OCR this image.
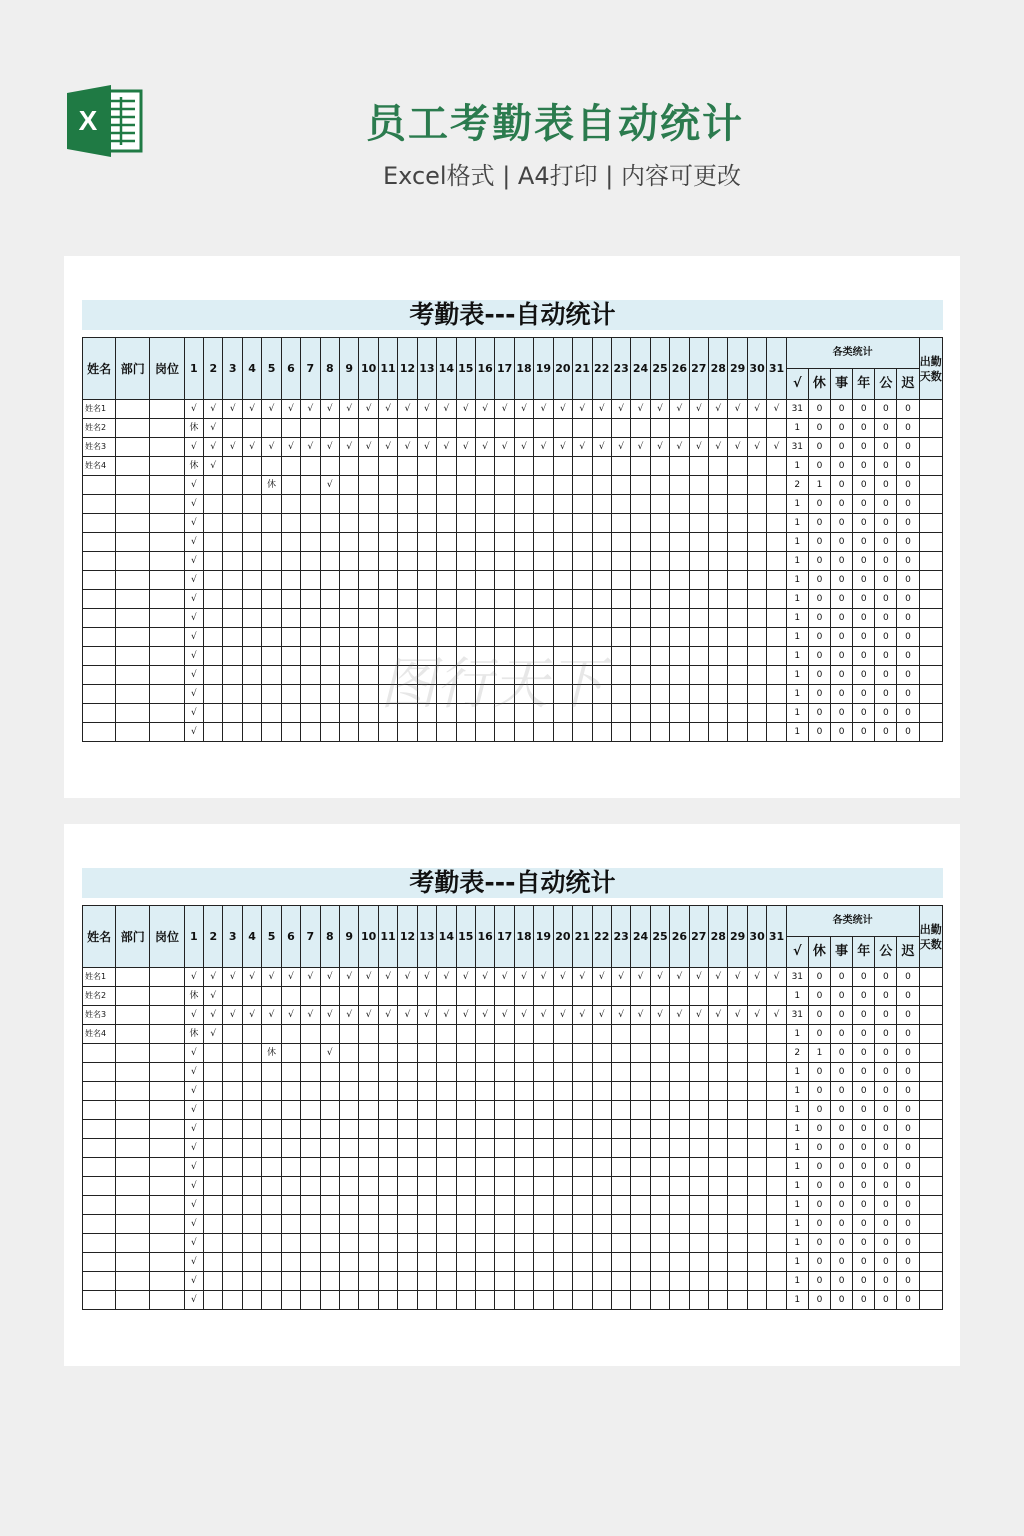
X	员工考勤表自动统计
Excel格式 | A4打印 | 内容可更改
考勤表---自动统计
姓名	部门	岗位	1	2	3	4	5	6	7	8	9	10	11	12	13	14	15	16	17	18	19	20	21	22	23	24	25	26	27	28	29	30	31	各类统计						出勤天数
																																		√	休	事	年	公	迟	
姓名1			√	√	√	√	√	√	√	√	√	√	√	√	√	√	√	√	√	√	√	√	√	√	√	√	√	√	√	√	√	√	√	31	0	0	0	0	0	
姓名2			休	√																														1	0	0	0	0	0	
姓名3			√	√	√	√	√	√	√	√	√	√	√	√	√	√	√	√	√	√	√	√	√	√	√	√	√	√	√	√	√	√	√	31	0	0	0	0	0	
姓名4			休	√																														1	0	0	0	0	0	
			√				休			√																								2	1	0	0	0	0	
			√																															1	0	0	0	0	0	
			√																															1	0	0	0	0	0	
			√																															1	0	0	0	0	0	
			√																															1	0	0	0	0	0	
			√																															1	0	0	0	0	0	
			√																															1	0	0	0	0	0	
			√																															1	0	0	0	0	0	
			√																															1	0	0	0	0	0	
			√																															1	0	0	0	0	0	
			√																															1	0	0	0	0	0	
			√																															1	0	0	0	0	0	
			√																															1	0	0	0	0	0	
			√																															1	0	0	0	0	0	
考勤表---自动统计
姓名	部门	岗位	1	2	3	4	5	6	7	8	9	10	11	12	13	14	15	16	17	18	19	20	21	22	23	24	25	26	27	28	29	30	31	各类统计						出勤天数
																																		√	休	事	年	公	迟	
姓名1			√	√	√	√	√	√	√	√	√	√	√	√	√	√	√	√	√	√	√	√	√	√	√	√	√	√	√	√	√	√	√	31	0	0	0	0	0	
姓名2			休	√																														1	0	0	0	0	0	
姓名3			√	√	√	√	√	√	√	√	√	√	√	√	√	√	√	√	√	√	√	√	√	√	√	√	√	√	√	√	√	√	√	31	0	0	0	0	0	
姓名4			休	√																														1	0	0	0	0	0	
			√				休			√																								2	1	0	0	0	0	
			√																															1	0	0	0	0	0	
			√																															1	0	0	0	0	0	
			√																															1	0	0	0	0	0	
			√																															1	0	0	0	0	0	
			√																															1	0	0	0	0	0	
			√																															1	0	0	0	0	0	
			√																															1	0	0	0	0	0	
			√																															1	0	0	0	0	0	
			√																															1	0	0	0	0	0	
			√																															1	0	0	0	0	0	
			√																															1	0	0	0	0	0	
			√																															1	0	0	0	0	0	
			√																															1	0	0	0	0	0	
